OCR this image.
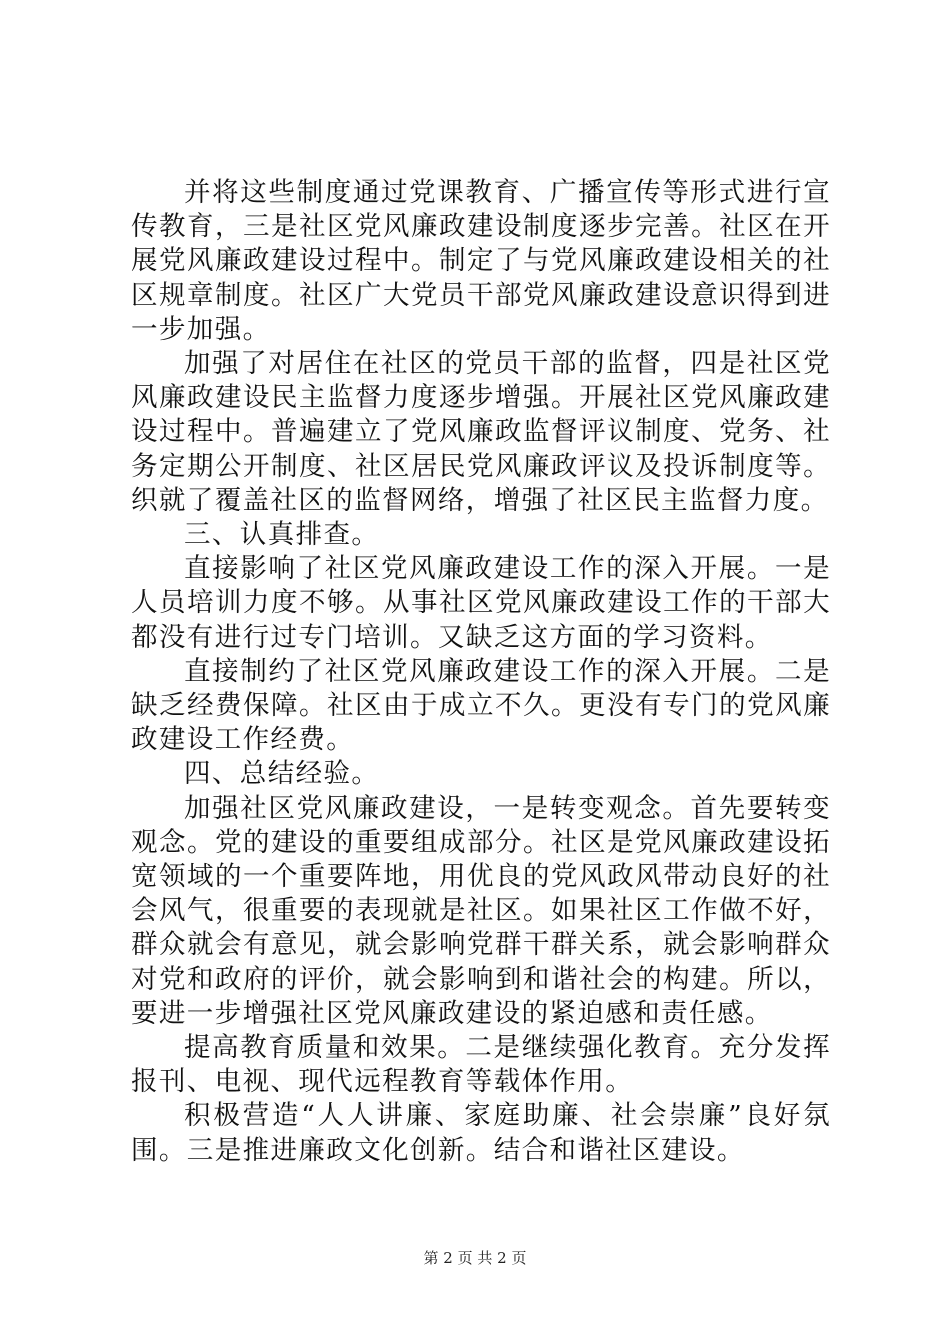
并将这些制度通过党课教育、广播宣传等形式进行宣传教育，三是社区党风廉政建设制度逐步完善。社区在开展党风廉政建设过程中。制定了与党风廉政建设相关的社区规章制度。社区广大党员干部党风廉政建设意识得到进一步加强。

加强了对居住在社区的党员干部的监督，四是社区党风廉政建设民主监督力度逐步增强。开展社区党风廉政建设过程中。普遍建立了党风廉政监督评议制度、党务、社务定期公开制度、社区居民党风廉政评议及投诉制度等。织就了覆盖社区的监督网络，增强了社区民主监督力度。

三、认真排查。

直接影响了社区党风廉政建设工作的深入开展。一是人员培训力度不够。从事社区党风廉政建设工作的干部大都没有进行过专门培训。又缺乏这方面的学习资料。

直接制约了社区党风廉政建设工作的深入开展。二是缺乏经费保障。社区由于成立不久。更没有专门的党风廉政建设工作经费。

四、总结经验。

加强社区党风廉政建设，一是转变观念。首先要转变观念。党的建设的重要组成部分。社区是党风廉政建设拓宽领域的一个重要阵地，用优良的党风政风带动良好的社会风气，很重要的表现就是社区。如果社区工作做不好，群众就会有意见，就会影响党群干群关系，就会影响群众对党和政府的评价，就会影响到和谐社会的构建。所以，要进一步增强社区党风廉政建设的紧迫感和责任感。

提高教育质量和效果。二是继续强化教育。充分发挥报刊、电视、现代远程教育等载体作用。

积极营造“人人讲廉、家庭助廉、社会崇廉”良好氛围。三是推进廉政文化创新。结合和谐社区建设。

第 2 页 共 2 页
